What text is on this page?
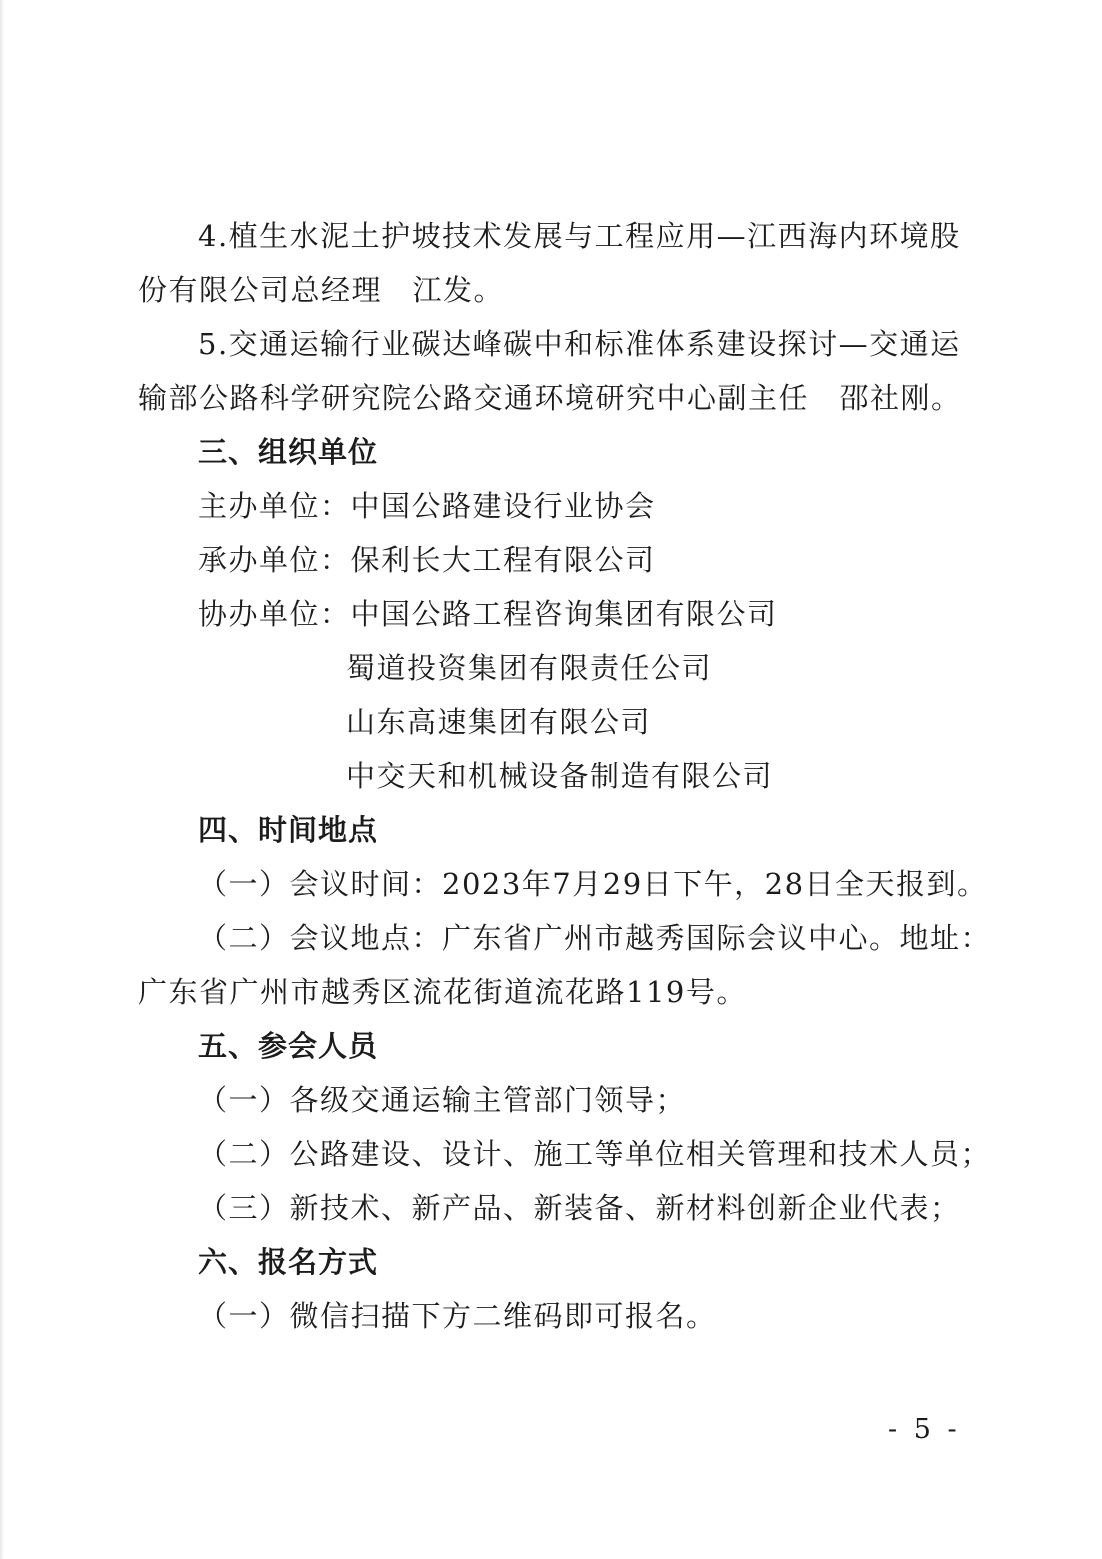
4.植生水泥土护坡技术发展与工程应用—江西海内环境股
份有限公司总经理　江发。
5.交通运输行业碳达峰碳中和标准体系建设探讨—交通运
输部公路科学研究院公路交通环境研究中心副主任　邵社刚。
三、组织单位
主办单位：中国公路建设行业协会
承办单位：保利长大工程有限公司
协办单位：中国公路工程咨询集团有限公司
蜀道投资集团有限责任公司
山东高速集团有限公司
中交天和机械设备制造有限公司
四、时间地点
（一）会议时间：2023年7月29日下午，28日全天报到。
（二）会议地点：广东省广州市越秀国际会议中心。地址：
广东省广州市越秀区流花街道流花路119号。
五、参会人员
（一）各级交通运输主管部门领导；
（二）公路建设、设计、施工等单位相关管理和技术人员；
（三）新技术、新产品、新装备、新材料创新企业代表；
六、报名方式
（一）微信扫描下方二维码即可报名。
- 5 -
